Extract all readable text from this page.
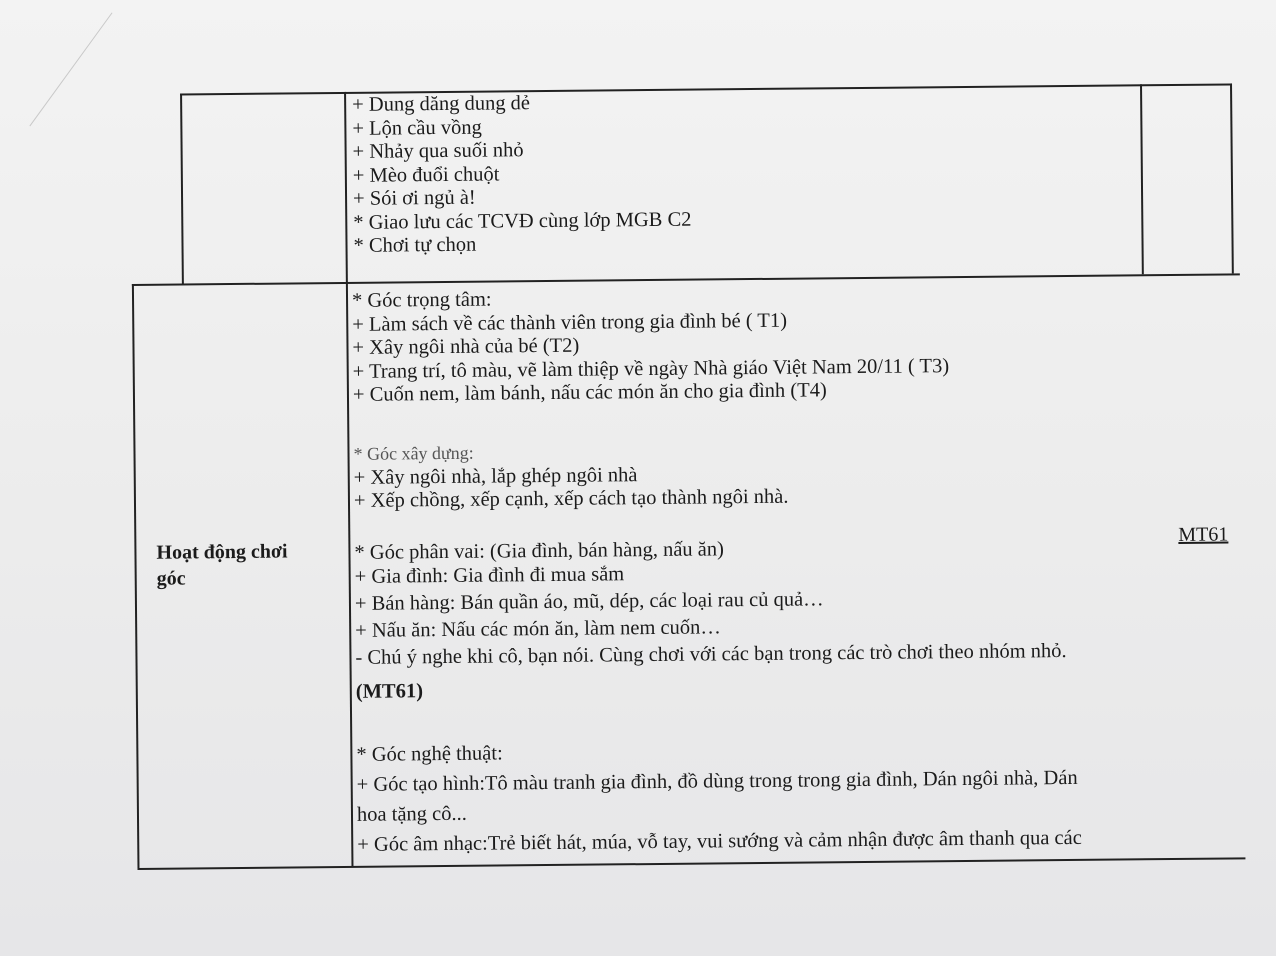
+ Dung dăng dung dẻ
+ Lộn cầu vồng
+ Nhảy qua suối nhỏ
+ Mèo đuổi chuột
+ Sói ơi ngủ à!
* Giao lưu các TCVĐ cùng lớp MGB C2
* Chơi tự chọn
Hoạt động chơi
góc
MT61
* Góc trọng tâm:
+ Làm sách về các thành viên trong gia đình bé ( T1)
+ Xây ngôi nhà của bé (T2)
+ Trang trí, tô màu, vẽ làm thiệp về ngày Nhà giáo Việt Nam 20/11 ( T3)
+ Cuốn nem, làm bánh, nấu các món ăn cho gia đình (T4)
* Góc xây dựng:
+ Xây ngôi nhà, lắp ghép ngôi nhà
+ Xếp chồng, xếp cạnh, xếp cách tạo thành ngôi nhà.
* Góc phân vai: (Gia đình, bán hàng, nấu ăn)
+ Gia đình: Gia đình đi mua sắm
+ Bán hàng: Bán quần áo, mũ, dép, các loại rau củ quả…
+ Nấu ăn: Nấu các món ăn, làm nem cuốn…
- Chú ý nghe khi cô, bạn nói. Cùng chơi với các bạn trong các trò chơi theo nhóm nhỏ.
(MT61)
* Góc nghệ thuật:
+ Góc tạo hình:Tô màu tranh gia đình, đồ dùng trong trong gia đình, Dán ngôi nhà, Dán
hoa tặng cô...
+ Góc âm nhạc:Trẻ biết hát, múa, vỗ tay, vui sướng và cảm nhận được âm thanh qua các
